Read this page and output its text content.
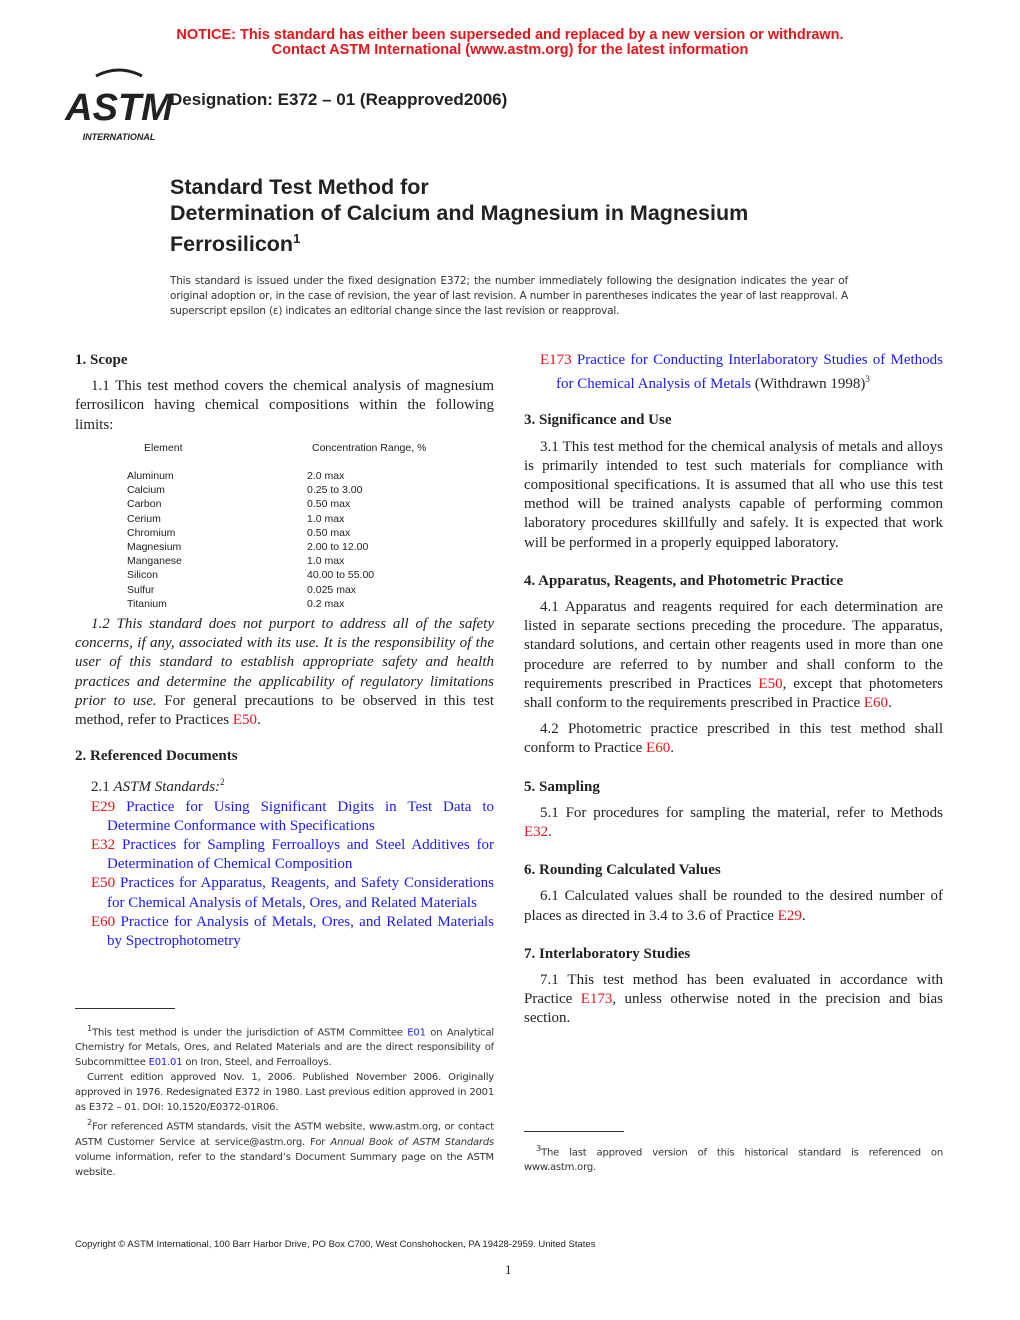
NOTICE: This standard has either been superseded and replaced by a new version or withdrawn.
Contact ASTM International (www.astm.org) for the latest information
ASTM
INTERNATIONAL
Designation: E372 – 01 (Reapproved2006)
Standard Test Method for
Determination of Calcium and Magnesium in Magnesium
Ferrosilicon$^1$
This standard is issued under the fixed designation E372; the number immediately following the designation indicates the year of original adoption or, in the case of revision, the year of last revision. A number in parentheses indicates the year of last reapproval. A superscript epsilon (ε) indicates an editorial change since the last revision or reapproval.
1. Scope

1.1 This test method covers the chemical analysis of magnesium ferrosilicon having chemical compositions within the following limits:

Element	Concentration Range, %
Aluminum	2.0 max
Calcium	0.25 to 3.00
Carbon	0.50 max
Cerium	1.0 max
Chromium	0.50 max
Magnesium	2.00 to 12.00
Manganese	1.0 max
Silicon	40.00 to 55.00
Sulfur	0.025 max
Titanium	0.2 max

1.2 This standard does not purport to address all of the safety concerns, if any, associated with its use. It is the responsibility of the user of this standard to establish appropriate safety and health practices and determine the applicability of regulatory limitations prior to use. For general precautions to be observed in this test method, refer to Practices E50.

2. Referenced Documents

2.1 ASTM Standards:$^2$

E29 Practice for Using Significant Digits in Test Data to Determine Conformance with Specifications

E32 Practices for Sampling Ferroalloys and Steel Additives for Determination of Chemical Composition

E50 Practices for Apparatus, Reagents, and Safety Considerations for Chemical Analysis of Metals, Ores, and Related Materials

E60 Practice for Analysis of Metals, Ores, and Related Materials by Spectrophotometry

$^1$This test method is under the jurisdiction of ASTM Committee E01 on Analytical Chemistry for Metals, Ores, and Related Materials and are the direct responsibility of Subcommittee E01.01 on Iron, Steel, and Ferroalloys.

Current edition approved Nov. 1, 2006. Published November 2006. Originally approved in 1976. Redesignated E372 in 1980. Last previous edition approved in 2001 as E372 – 01. DOI: 10.1520/E0372-01R06.

$^2$For referenced ASTM standards, visit the ASTM website, www.astm.org, or contact ASTM Customer Service at service@astm.org. For Annual Book of ASTM Standards volume information, refer to the standard’s Document Summary page on the ASTM website.

E173 Practice for Conducting Interlaboratory Studies of Methods for Chemical Analysis of Metals (Withdrawn 1998)$^3$

3. Significance and Use

3.1 This test method for the chemical analysis of metals and alloys is primarily intended to test such materials for compliance with compositional specifications. It is assumed that all who use this test method will be trained analysts capable of performing common laboratory procedures skillfully and safely. It is expected that work will be performed in a properly equipped laboratory.

4. Apparatus, Reagents, and Photometric Practice

4.1 Apparatus and reagents required for each determination are listed in separate sections preceding the procedure. The apparatus, standard solutions, and certain other reagents used in more than one procedure are referred to by number and shall conform to the requirements prescribed in Practices E50, except that photometers shall conform to the requirements prescribed in Practice E60.

4.2 Photometric practice prescribed in this test method shall conform to Practice E60.

5. Sampling

5.1 For procedures for sampling the material, refer to Methods E32.

6. Rounding Calculated Values

6.1 Calculated values shall be rounded to the desired number of places as directed in 3.4 to 3.6 of Practice E29.

7. Interlaboratory Studies

7.1 This test method has been evaluated in accordance with Practice E173, unless otherwise noted in the precision and bias section.

$^3$The last approved version of this historical standard is referenced on www.astm.org.

Copyright © ASTM International, 100 Barr Harbor Drive, PO Box C700, West Conshohocken, PA 19428-2959. United States
1
